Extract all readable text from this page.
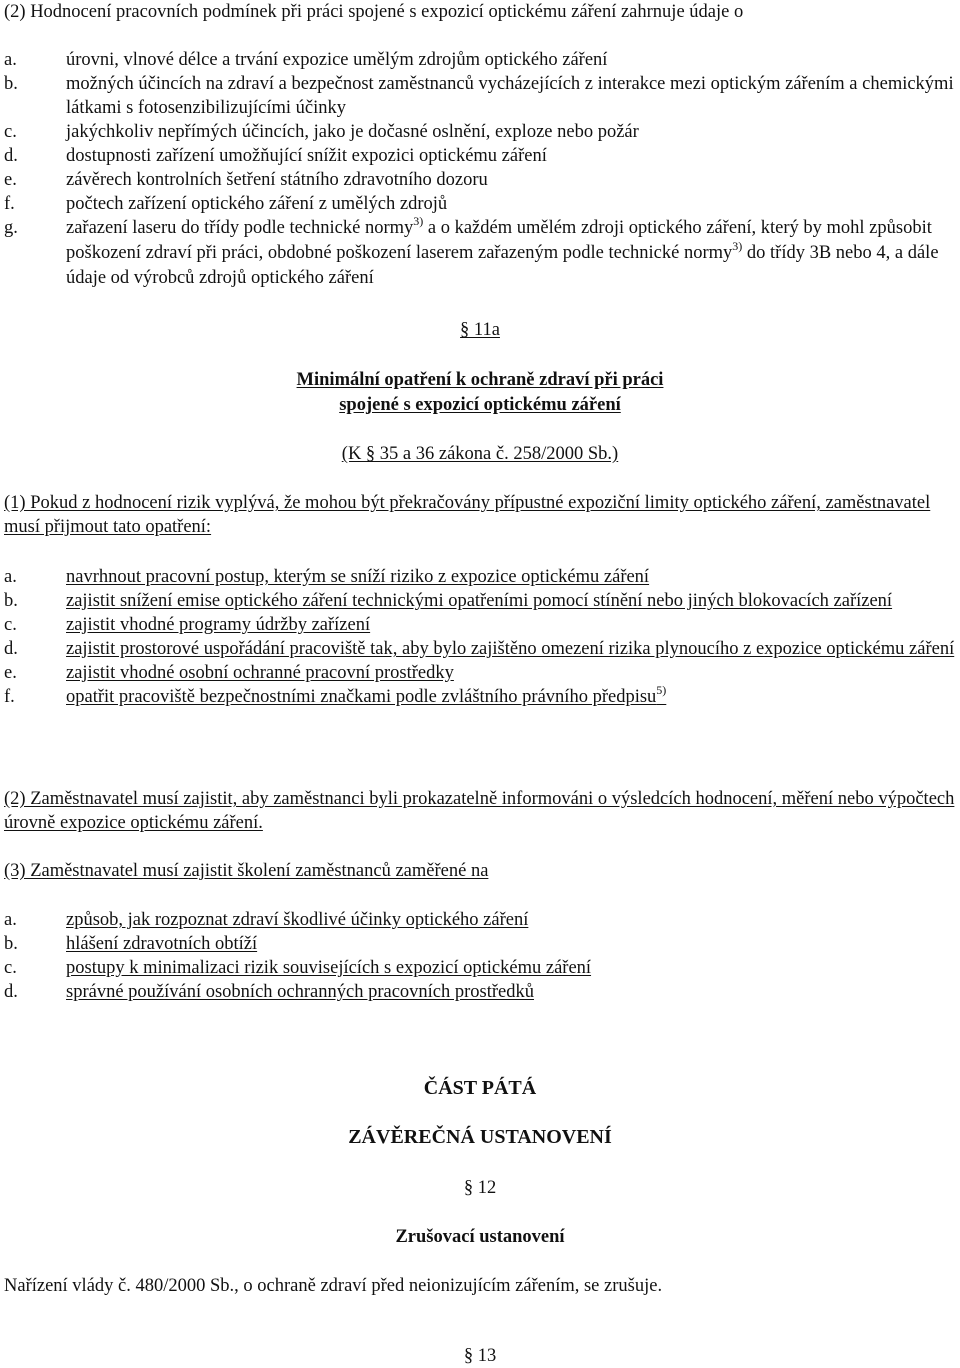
(2) Hodnocení pracovních podmínek při práci spojené s expozicí optickému záření zahrnuje údaje o

a.	úrovni, vlnové délce a trvání expozice umělým zdrojům optického záření
b.	možných účincích na zdraví a bezpečnost zaměstnanců vycházejících z interakce mezi optickým zářením a chemickými látkami s fotosenzibilizujícími účinky
c.	jakýchkoliv nepřímých účincích, jako je dočasné oslnění, exploze nebo požár
d.	dostupnosti zařízení umožňující snížit expozici optickému záření
e.	závěrech kontrolních šetření státního zdravotního dozoru
f.	počtech zařízení optického záření z umělých zdrojů
g.	zařazení laseru do třídy podle technické normy$^{3)}$ a o každém umělém zdroji optického záření, který by mohl způsobit poškození zdraví při práci, obdobné poškození laserem zařazeným podle technické normy$^{3)}$ do třídy 3B nebo 4, a dále údaje od výrobců zdrojů optického záření

§ 11a

Minimální opatření k ochraně zdraví při práci

spojené s expozicí optickému záření

(K § 35 a 36 zákona č. 258/2000 Sb.)

(1) Pokud z hodnocení rizik vyplývá, že mohou být překračovány přípustné expoziční limity optického záření, zaměstnavatel musí přijmout tato opatření:

a.	navrhnout pracovní postup, kterým se sníží riziko z expozice optickému záření
b.	zajistit snížení emise optického záření technickými opatřeními pomocí stínění nebo jiných blokovacích zařízení
c.	zajistit vhodné programy údržby zařízení
d.	zajistit prostorové uspořádání pracoviště tak, aby bylo zajištěno omezení rizika plynoucího z expozice optickému záření
e.	zajistit vhodné osobní ochranné pracovní prostředky
f.	opatřit pracoviště bezpečnostními značkami podle zvláštního právního předpisu$^{5)}$

(2) Zaměstnavatel musí zajistit, aby zaměstnanci byli prokazatelně informováni o výsledcích hodnocení, měření nebo výpočtech úrovně expozice optickému záření.

(3) Zaměstnavatel musí zajistit školení zaměstnanců zaměřené na

a.	způsob, jak rozpoznat zdraví škodlivé účinky optického záření
b.	hlášení zdravotních obtíží
c.	postupy k minimalizaci rizik souvisejících s expozicí optickému záření
d.	správné používání osobních ochranných pracovních prostředků

ČÁST PÁTÁ

ZÁVĚREČNÁ USTANOVENÍ

§ 12

Zrušovací ustanovení

Nařízení vlády č. 480/2000 Sb., o ochraně zdraví před neionizujícím zářením, se zrušuje.

§ 13
